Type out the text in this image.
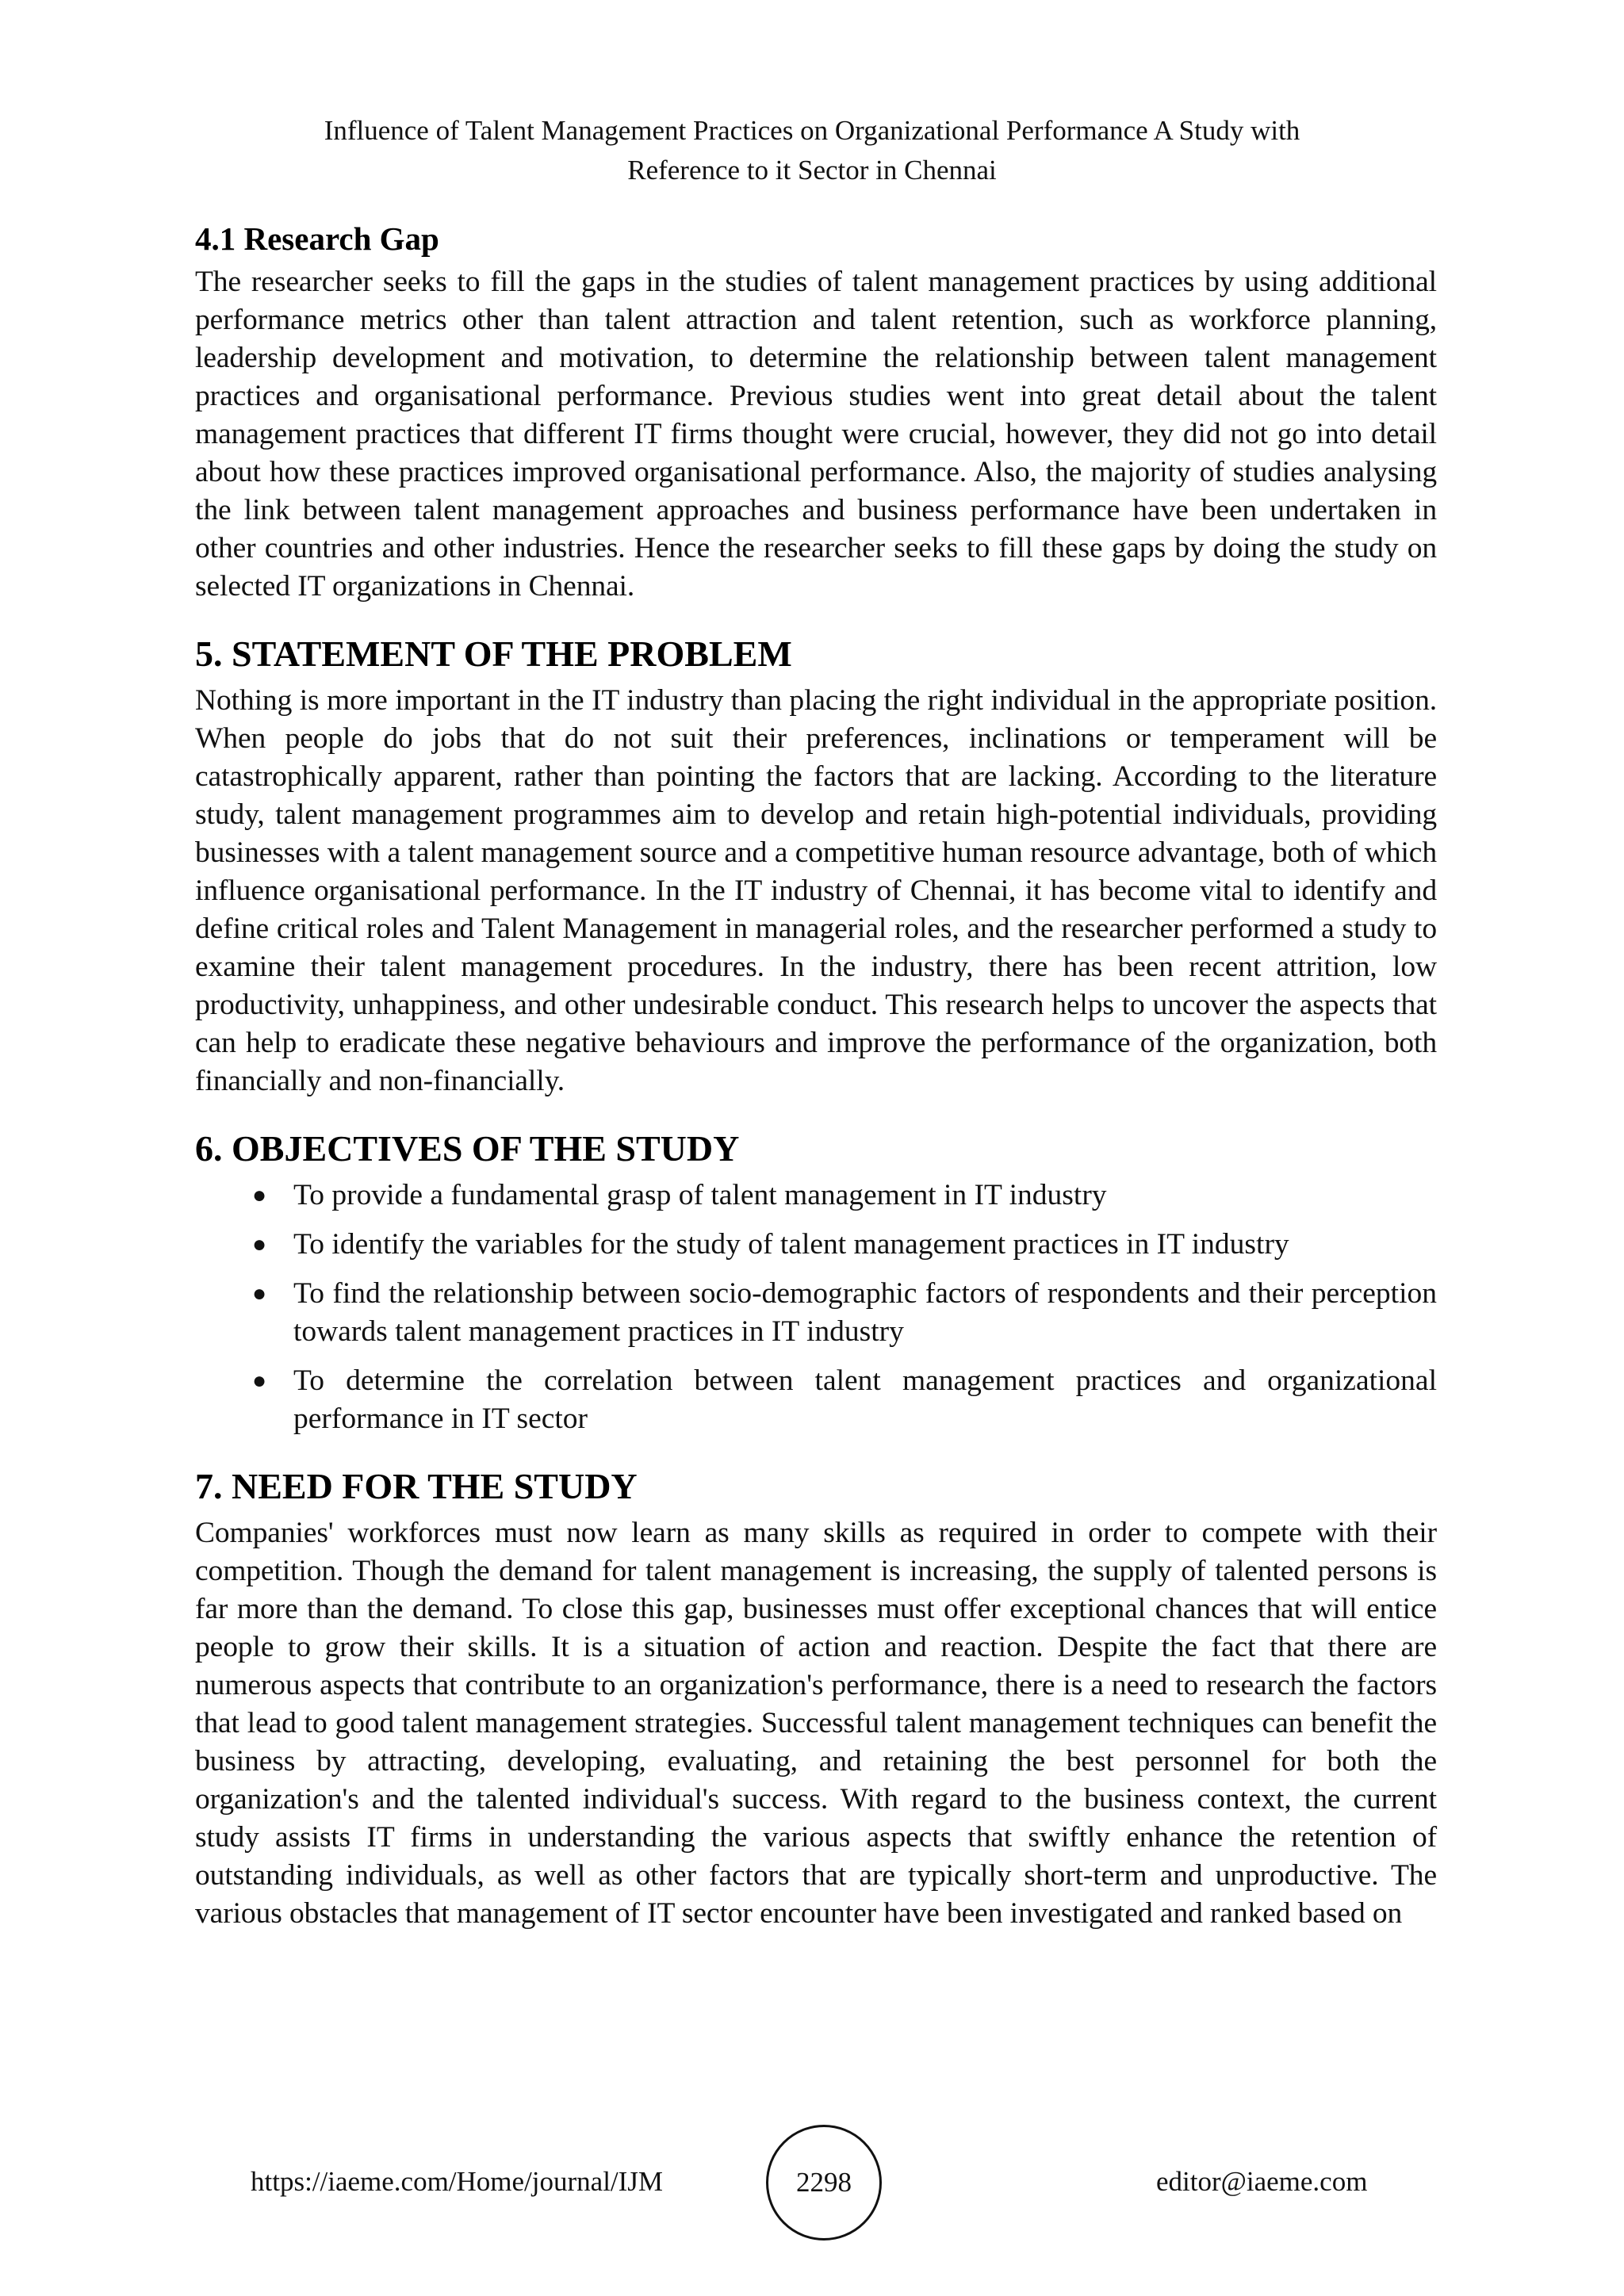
Influence of Talent Management Practices on Organizational Performance A Study with
Reference to it Sector in Chennai
4.1 Research Gap

The researcher seeks to fill the gaps in the studies of talent management practices by using additional performance metrics other than talent attraction and talent retention, such as workforce planning, leadership development and motivation, to determine the relationship between talent management practices and organisational performance. Previous studies went into great detail about the talent management practices that different IT firms thought were crucial, however, they did not go into detail about how these practices improved organisational performance. Also, the majority of studies analysing the link between talent management approaches and business performance have been undertaken in other countries and other industries. Hence the researcher seeks to fill these gaps by doing the study on selected IT organizations in Chennai.

5. STATEMENT OF THE PROBLEM

Nothing is more important in the IT industry than placing the right individual in the appropriate position. When people do jobs that do not suit their preferences, inclinations or temperament will be catastrophically apparent, rather than pointing the factors that are lacking. According to the literature study, talent management programmes aim to develop and retain high-potential individuals, providing businesses with a talent management source and a competitive human resource advantage, both of which influence organisational performance. In the IT industry of Chennai, it has become vital to identify and define critical roles and Talent Management in managerial roles, and the researcher performed a study to examine their talent management procedures. In the industry, there has been recent attrition, low productivity, unhappiness, and other undesirable conduct. This research helps to uncover the aspects that can help to eradicate these negative behaviours and improve the performance of the organization, both financially and non-financially.

6. OBJECTIVES OF THE STUDY
● To provide a fundamental grasp of talent management in IT industry
● To identify the variables for the study of talent management practices in IT industry
● To find the relationship between socio-demographic factors of respondents and their perception towards talent management practices in IT industry
● To determine the correlation between talent management practices and organizational performance in IT sector
7. NEED FOR THE STUDY

Companies' workforces must now learn as many skills as required in order to compete with their competition. Though the demand for talent management is increasing, the supply of talented persons is far more than the demand. To close this gap, businesses must offer exceptional chances that will entice people to grow their skills. It is a situation of action and reaction. Despite the fact that there are numerous aspects that contribute to an organization's performance, there is a need to research the factors that lead to good talent management strategies. Successful talent management techniques can benefit the business by attracting, developing, evaluating, and retaining the best personnel for both the organization's and the talented individual's success. With regard to the business context, the current study assists IT firms in understanding the various aspects that swiftly enhance the retention of outstanding individuals, as well as other factors that are typically short-term and unproductive. The various obstacles that management of IT sector encounter have been investigated and ranked based on

https://iaeme.com/Home/journal/IJM	2298	editor@iaeme.com
